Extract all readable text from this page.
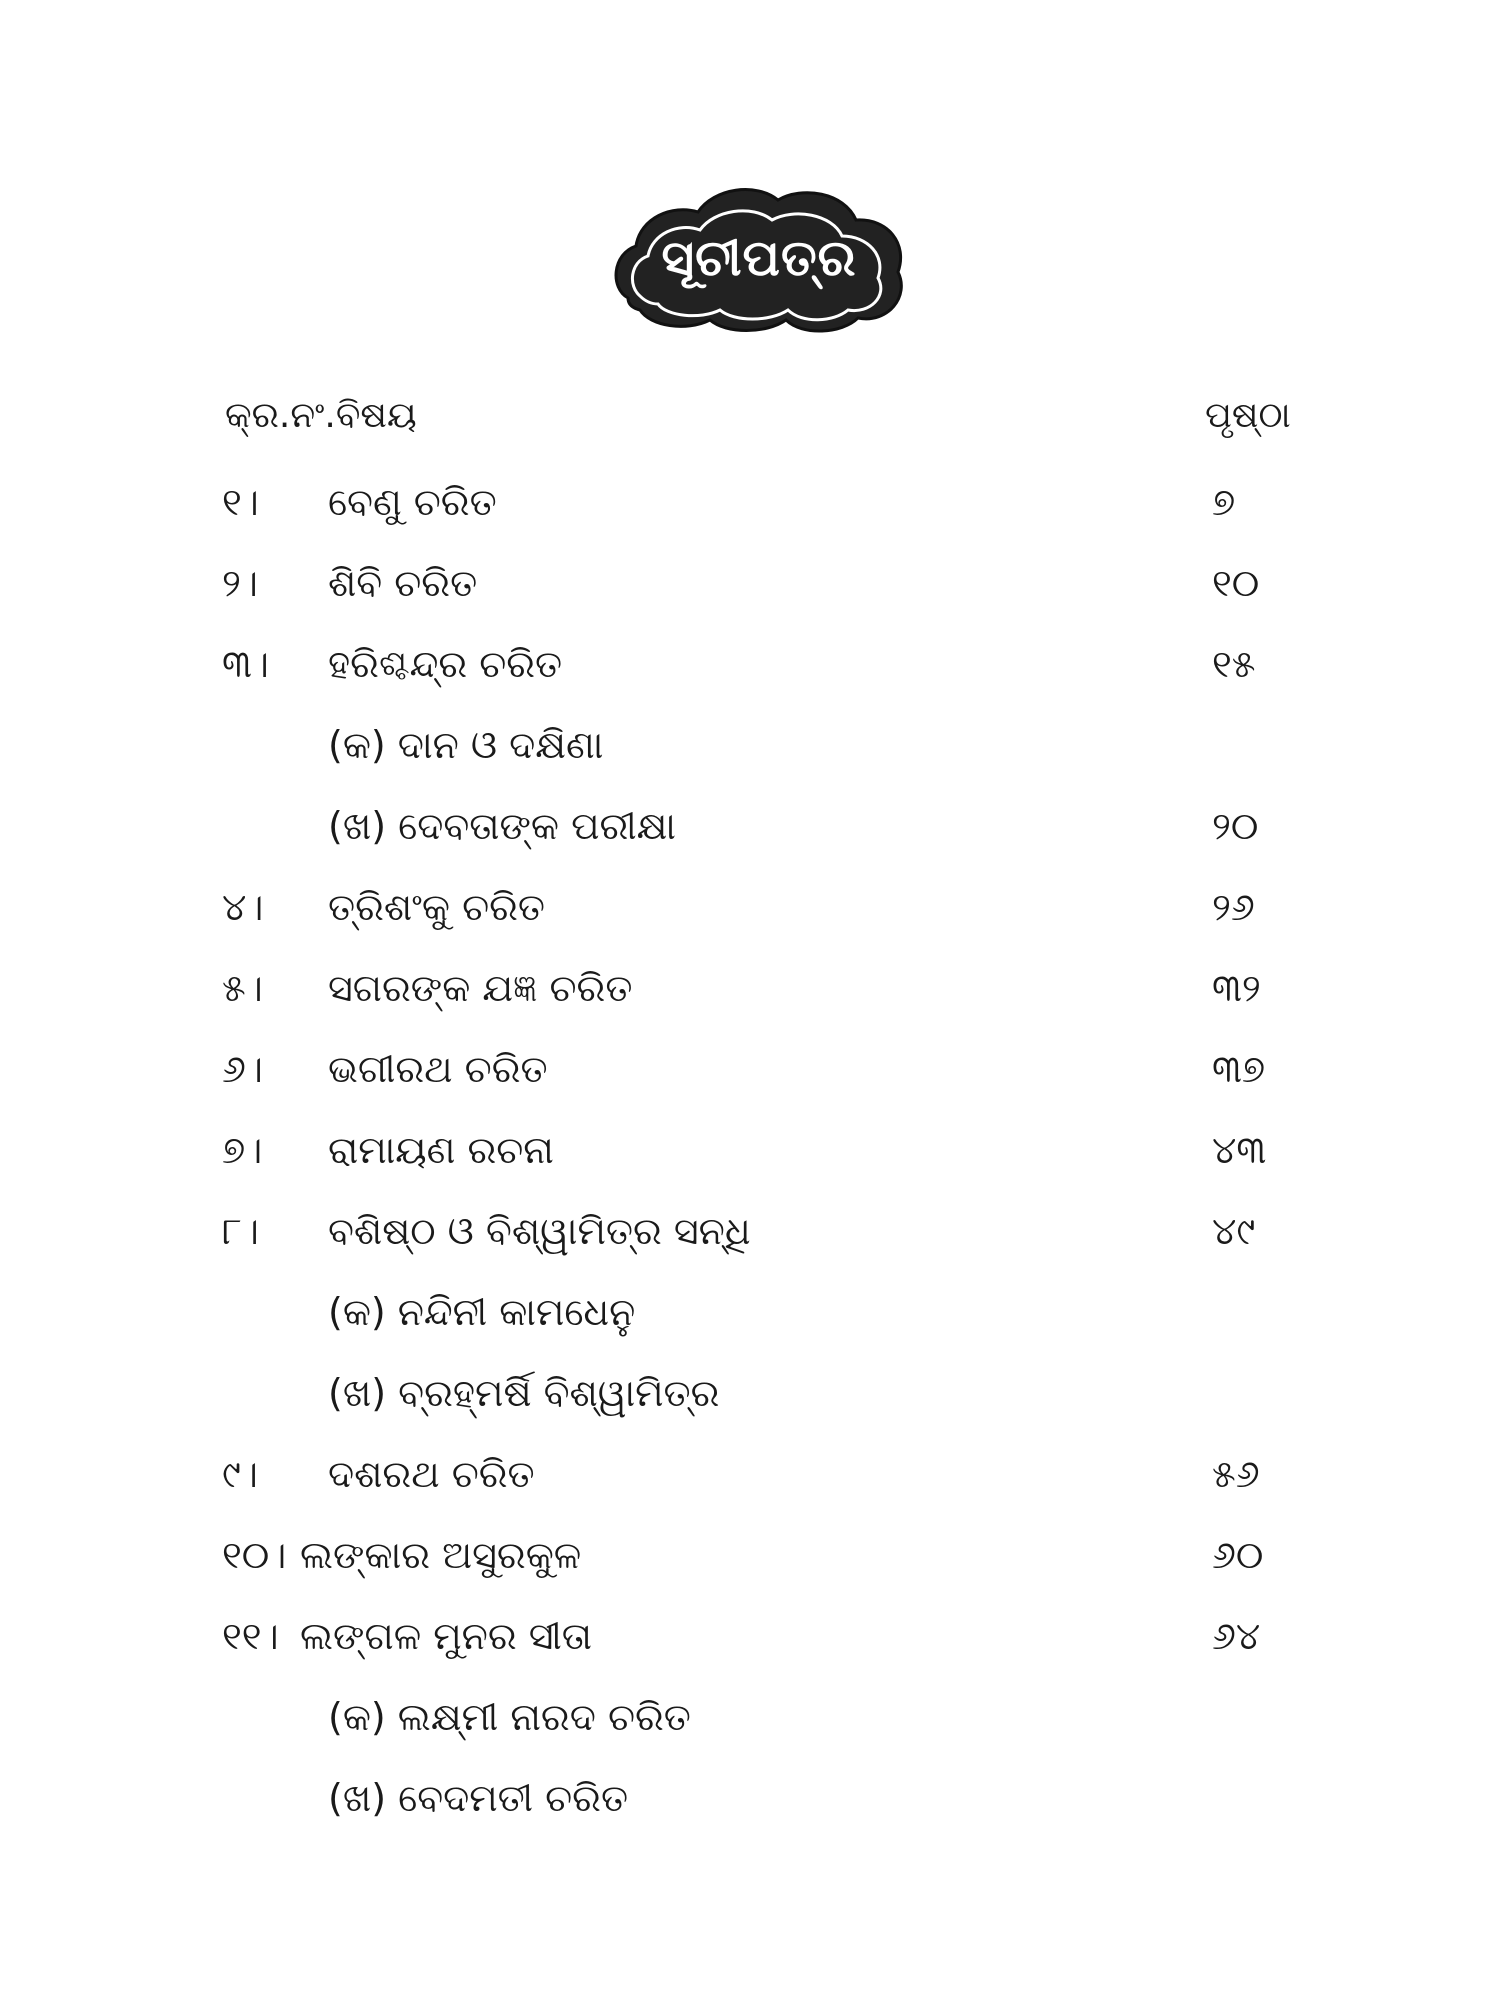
ସୂଚୀପତ୍ର
କ୍ର.ନଂ.ବିଷୟ	ପୃଷ୍ଠା
୧। ବେଣୁ ଚରିତ	୭
୨। ଶିବି ଚରିତ	୧୦
୩। ହରିଶ୍ଚନ୍ଦ୍ର ଚରିତ	୧୫
(କ) ଦାନ ଓ ଦକ୍ଷିଣା
(ଖ) ଦେବତାଙ୍କ ପରୀକ୍ଷା	୨୦
୪। ତ୍ରିଶଂକୁ ଚରିତ	୨୬
୫। ସଗରଙ୍କ ଯଜ୍ଞ ଚରିତ	୩୨
୬। ଭଗୀରଥ ଚରିତ	୩୭
୭। ରାମାୟଣ ରଚନା	୪୩
୮। ବଶିଷ୍ଠ ଓ ବିଶ୍ୱାମିତ୍ର ସନ୍ଧି	୪୯
(କ) ନନ୍ଦିନୀ କାମଧେନୁ
(ଖ) ବ୍ରହ୍ମର୍ଷି ବିଶ୍ୱାମିତ୍ର
୯। ଦଶରଥ ଚରିତ	୫୬
୧୦। ଲଙ୍କାର ଅସୁରକୁଳ	୬୦
୧୧। ଲଙ୍ଗଳ ମୁନର ସୀତା	୬୪
(କ) ଲକ୍ଷ୍ମୀ ନାରଦ ଚରିତ
(ଖ) ବେଦମତୀ ଚରିତ
